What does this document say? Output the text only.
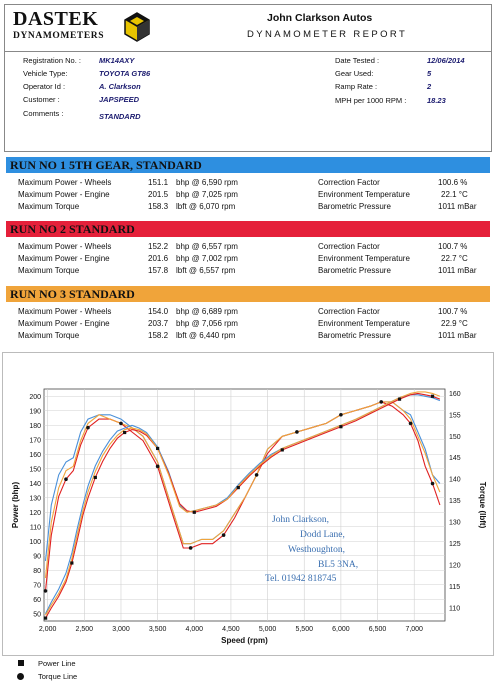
DASTEK
DYNAMOMETERS
John Clarkson Autos
DYNAMOMETER REPORT
Registration No. : MK14AXY
Vehicle Type:	TOYOTA GT86
Operator Id :	A. Clarkson
Customer :	JAPSPEED
Comments :	STANDARD
Date Tested :	12/06/2014
Gear Used:	5
Ramp Rate :	2
MPH per 1000 RPM :	18.23
RUN NO 1 5TH GEAR, STANDARD
Maximum Power - Wheels	151.1 bhp @ 6,590 rpm	Correction Factor	100.6 %
Maximum Power - Engine	201.5 bhp @ 7,025 rpm	Environment Temperature	22.1 °C
Maximum Torque	158.3 lbft @ 6,070 rpm	Barometric Pressure	1011 mBar
RUN NO 2 STANDARD
Maximum Power - Wheels	152.2 bhp @ 6,557 rpm	Correction Factor	100.7 %
Maximum Power - Engine	201.6 bhp @ 7,002 rpm	Environment Temperature	22.7 °C
Maximum Torque	157.8 lbft @ 6,557 rpm	Barometric Pressure	1011 mBar
RUN NO 3 STANDARD
Maximum Power - Wheels	154.0 bhp @ 6,689 rpm	Correction Factor	100.7 %
Maximum Power - Engine	203.7 bhp @ 7,056 rpm	Environment Temperature	22.9 °C
Maximum Torque	158.2 lbft @ 6,440 rpm	Barometric Pressure	1011 mBar
2,000	2,500	3,000	3,500	4,000	4,500	5,000	5,500	6,000	6,500	7,000
50
60
70
80
90
100
110
120
130
140
150
160
170
180
190
200
110
115
120
125
130
135
140
145
150
155
160
Speed (rpm)
Power (bhp)	Torque (lbft)
John Clarkson,
Dodd Lane,
Westhoughton,
BL5 3NA,
Tel. 01942 818745
Power Line
Torque Line
